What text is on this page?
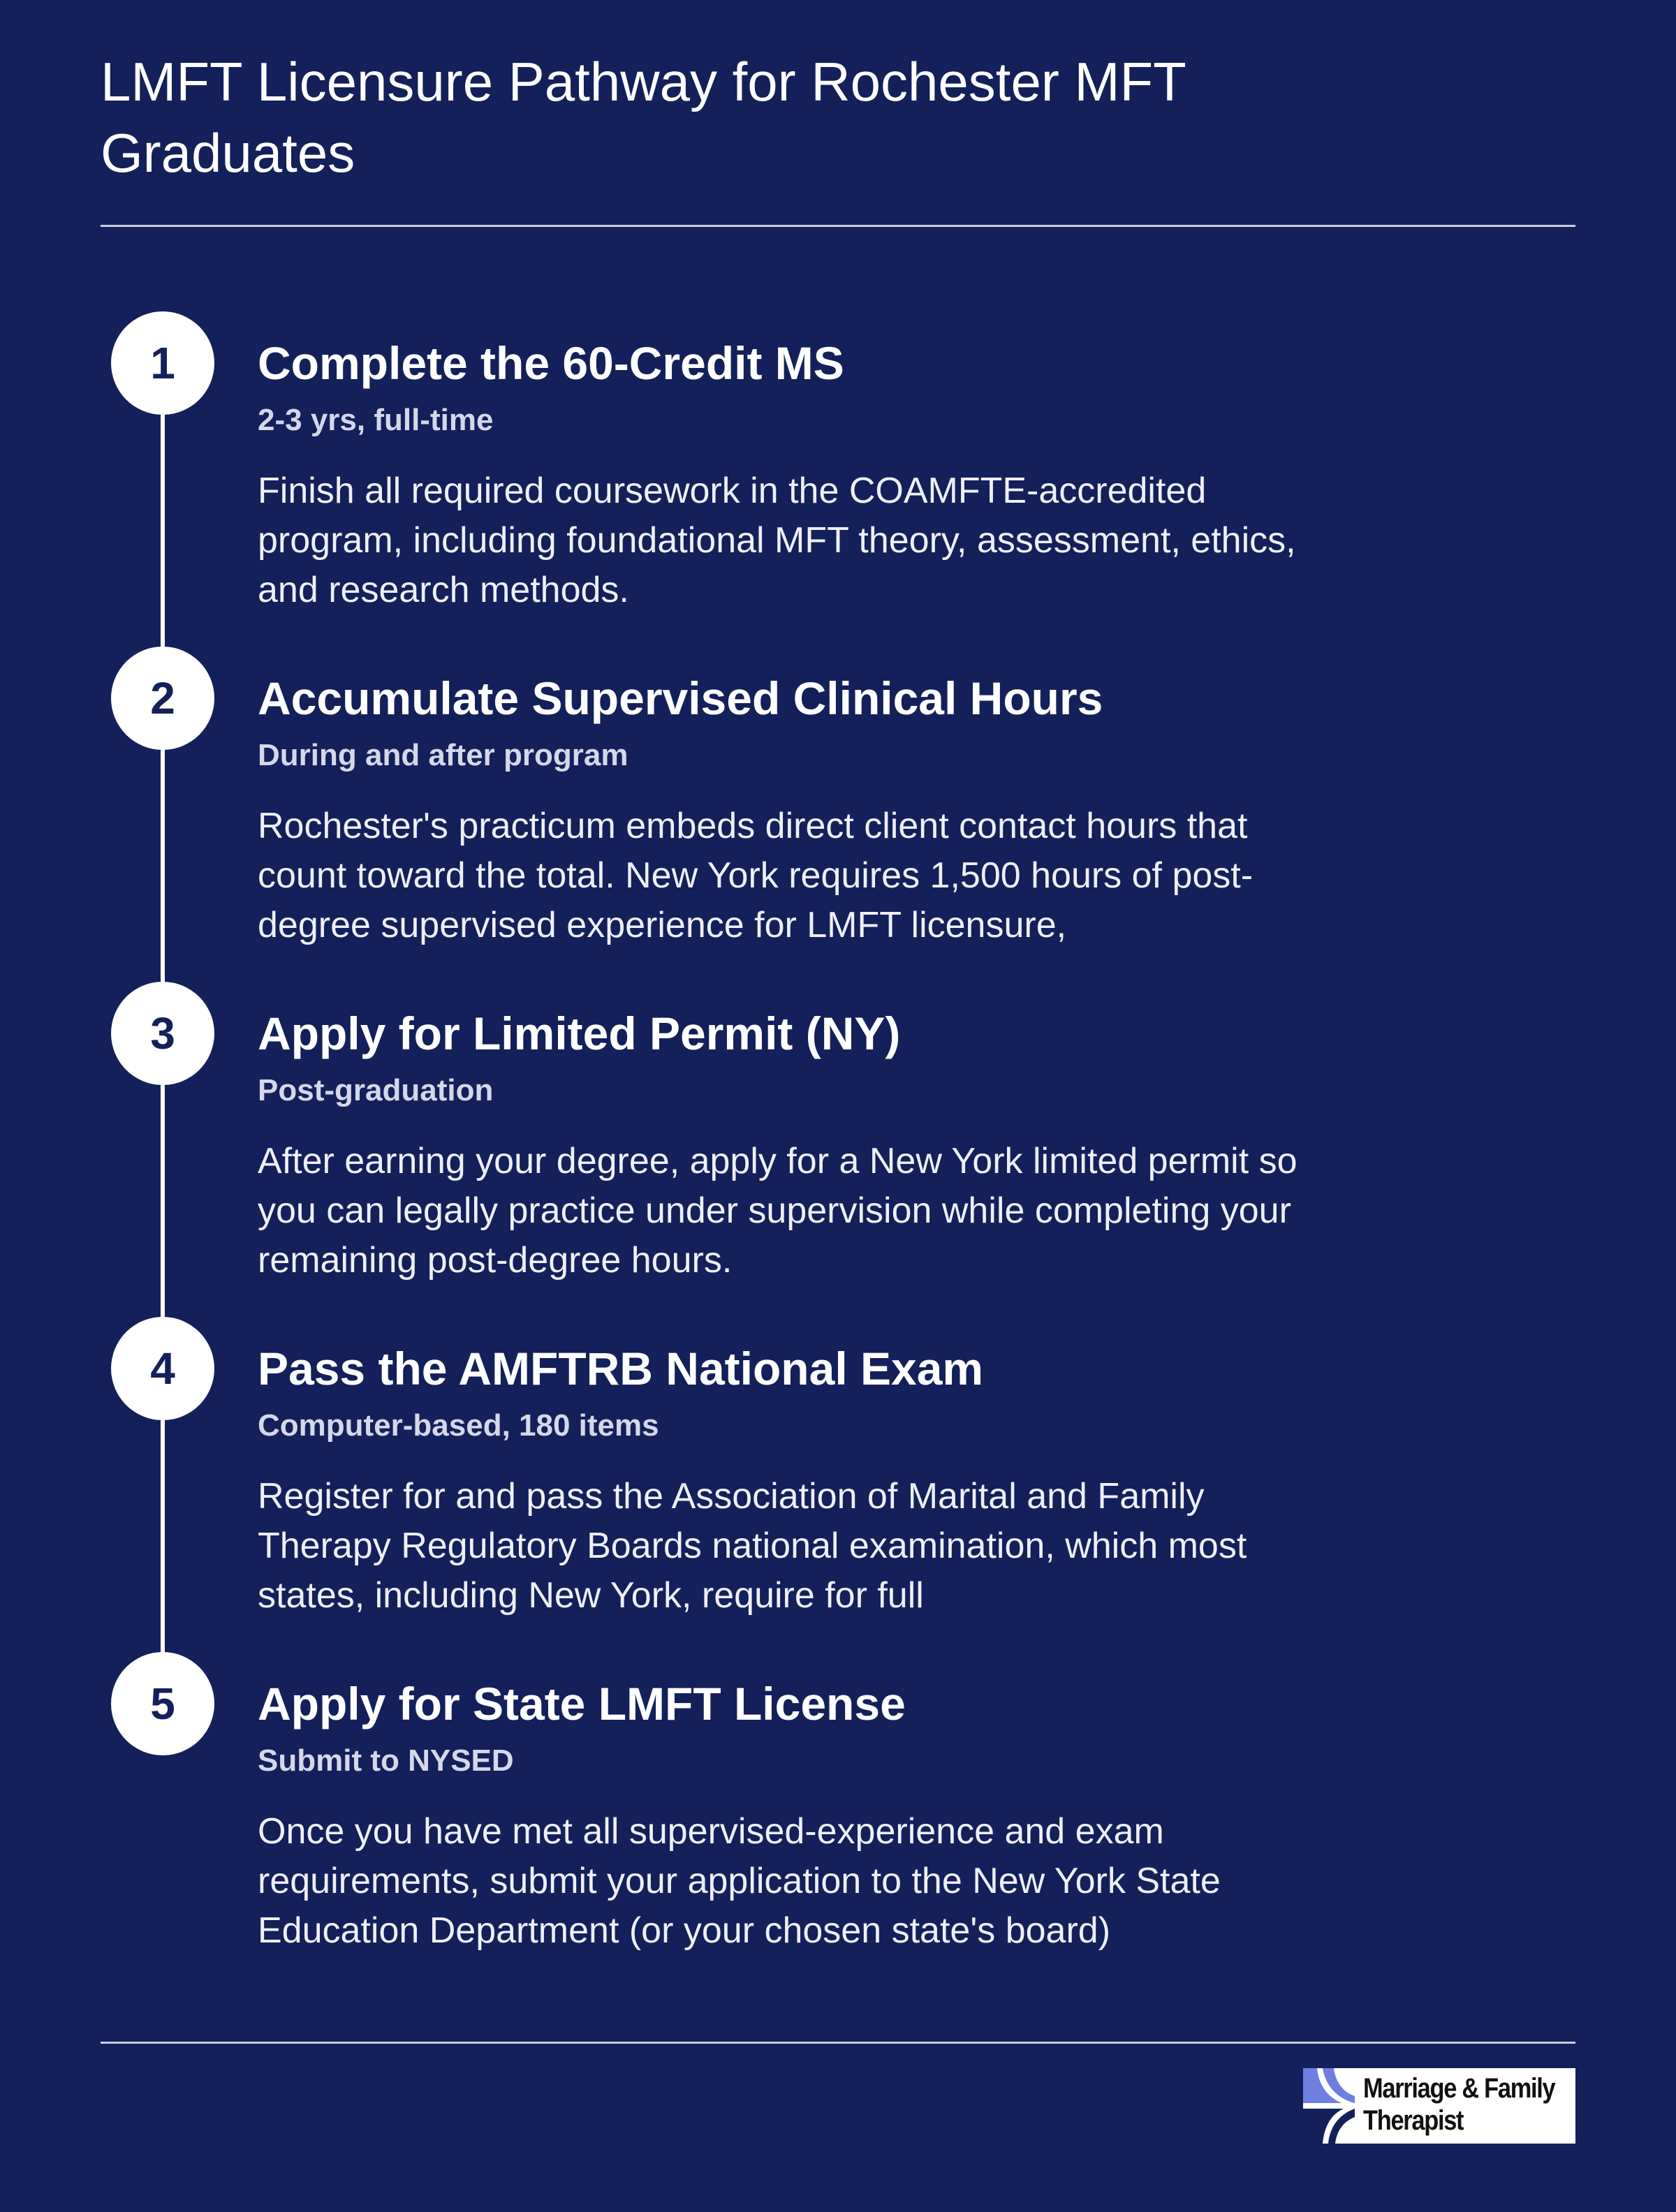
LMFT Licensure Pathway for Rochester MFT Graduates
1	Complete the 60-Credit MS
2-3 yrs, full-time
Finish all required coursework in the COAMFTE-accredited program, including foundational MFT theory, assessment, ethics, and research methods.
2	Accumulate Supervised Clinical Hours
During and after program
Rochester's practicum embeds direct client contact hours that count toward the total. New York requires 1,500 hours of post-degree supervised experience for LMFT licensure,
3	Apply for Limited Permit (NY)
Post-graduation
After earning your degree, apply for a New York limited permit so you can legally practice under supervision while completing your remaining post-degree hours.
4	Pass the AMFTRB National Exam
Computer-based, 180 items
Register for and pass the Association of Marital and Family Therapy Regulatory Boards national examination, which most states, including New York, require for full
5	Apply for State LMFT License
Submit to NYSED
Once you have met all supervised-experience and exam requirements, submit your application to the New York State Education Department (or your chosen state's board)
Marriage & Family
Therapist
